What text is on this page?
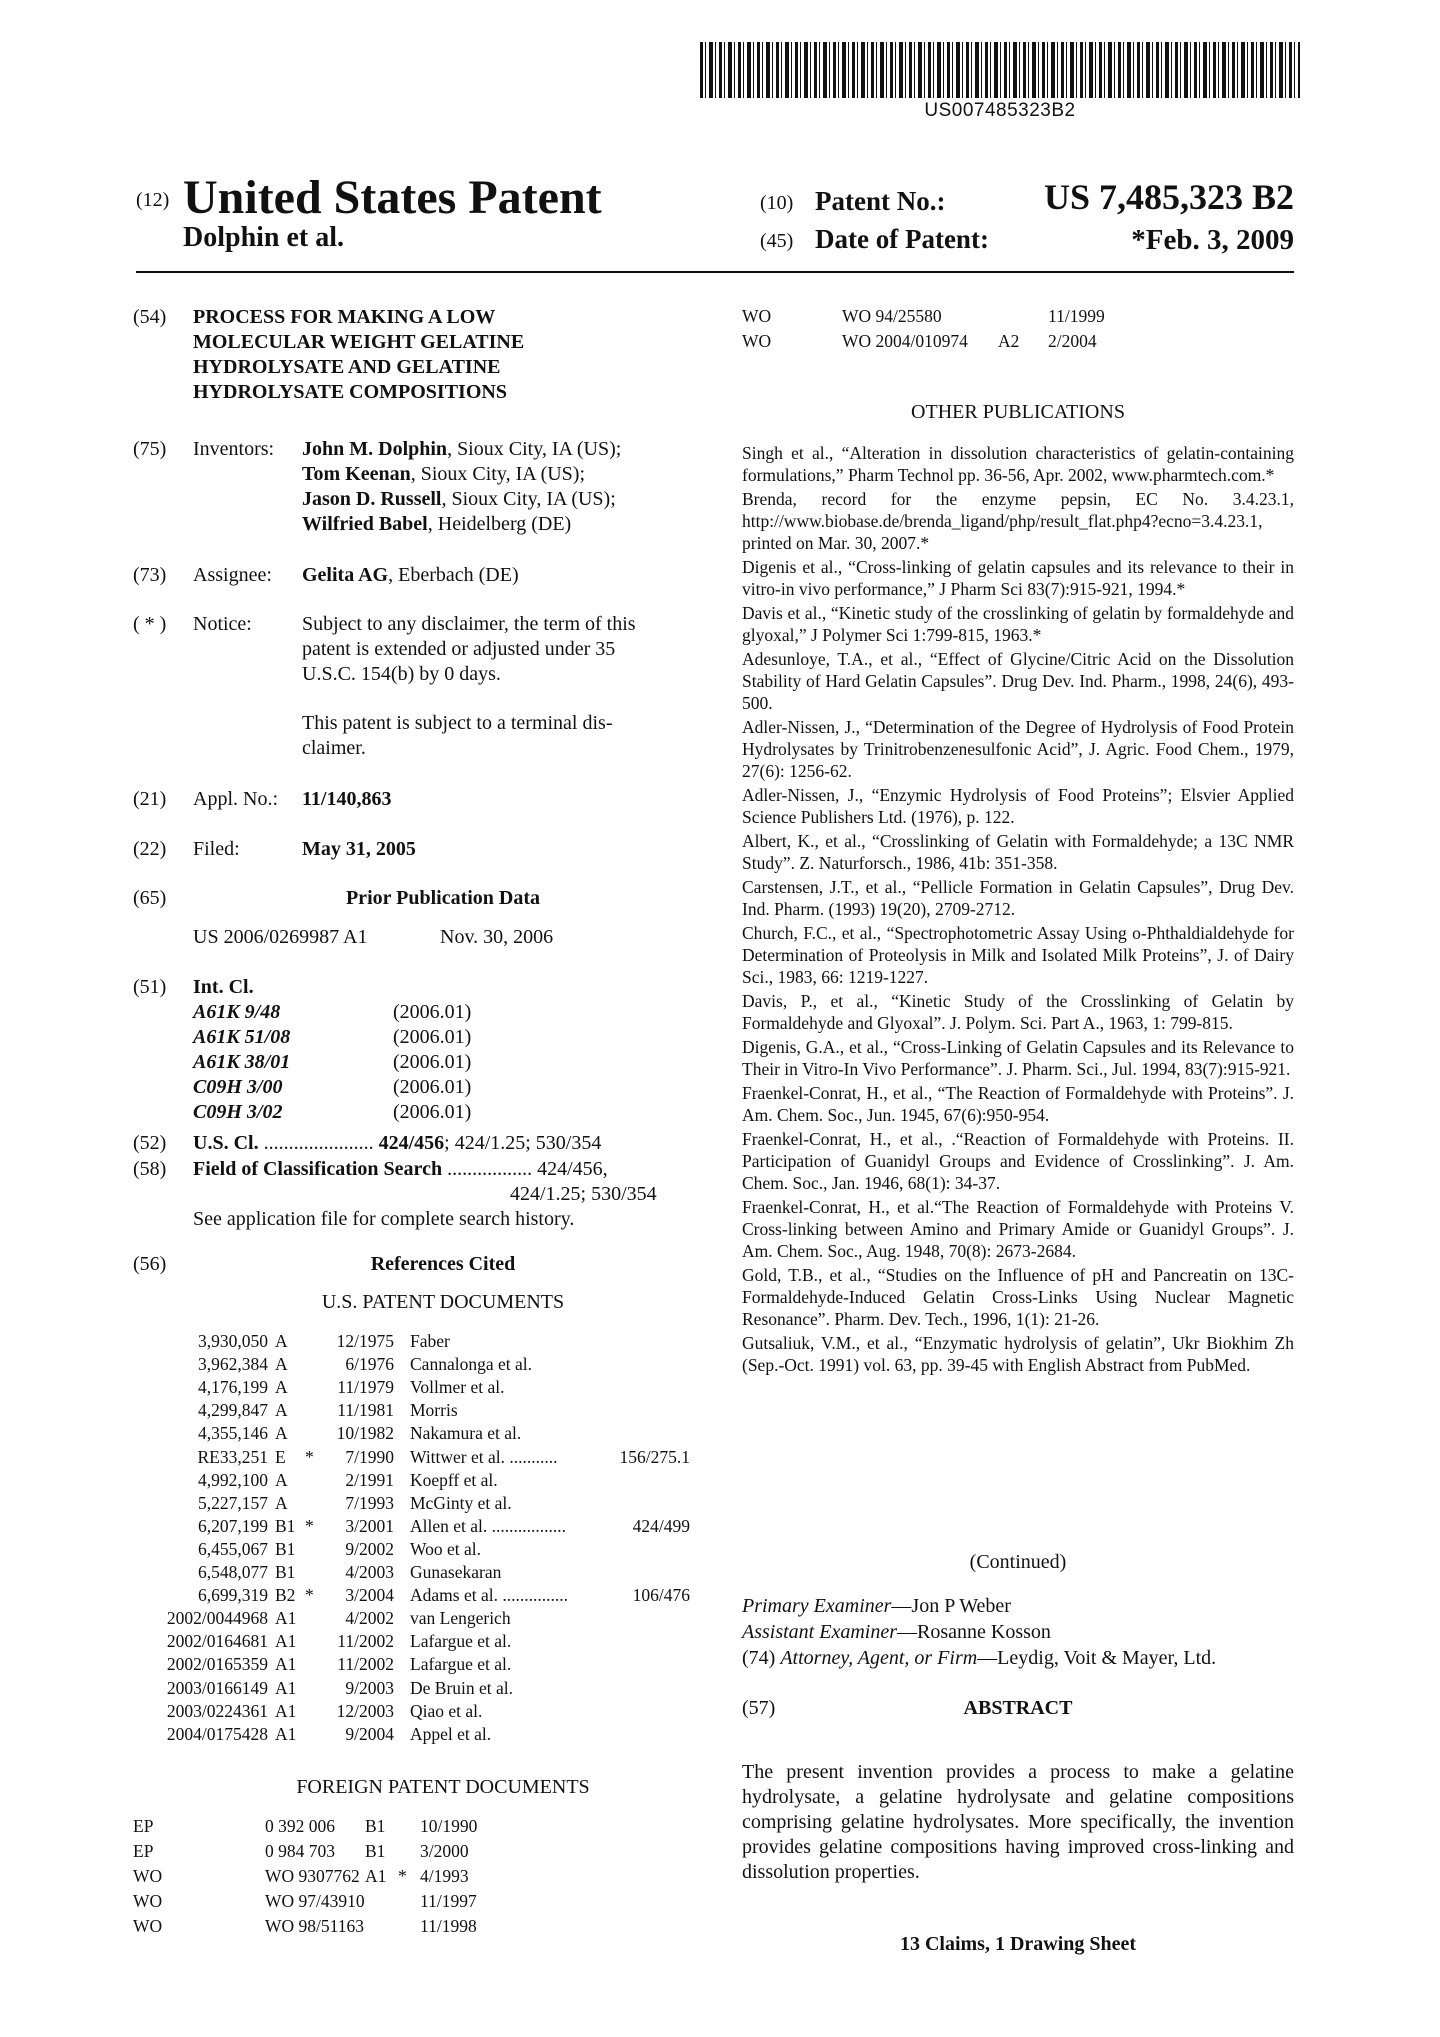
US007485323B2
(12) United States Patent
Dolphin et al.
(10) Patent No.:	US 7,485,323 B2
(45) Date of Patent:	*Feb. 3, 2009
(54) PROCESS FOR MAKING A LOW
MOLECULAR WEIGHT GELATINE
HYDROLYSATE AND GELATINE
HYDROLYSATE COMPOSITIONS
(75) Inventors: John M. Dolphin, Sioux City, IA (US);
Tom Keenan, Sioux City, IA (US);
Jason D. Russell, Sioux City, IA (US);
Wilfried Babel, Heidelberg (DE)
(73) Assignee: Gelita AG, Eberbach (DE)
( * ) Notice:	Subject to any disclaimer, the term of this
patent is extended or adjusted under 35
U.S.C. 154(b) by 0 days.
This patent is subject to a terminal dis-
claimer.
(21) Appl. No.: 11/140,863
(22) Filed:	May 31, 2005
(65)	Prior Publication Data
US 2006/0269987 A1	Nov. 30, 2006
(51) Int. Cl.
A61K 9/48	(2006.01)
A61K 51/08	(2006.01)
A61K 38/01	(2006.01)
C09H 3/00	(2006.01)
C09H 3/02	(2006.01)
(52) U.S. Cl. ...................... 424/456; 424/1.25; 530/354
(58) Field of Classification Search ................. 424/456,
424/1.25; 530/354
See application file for complete search history.
(56)	References Cited
U.S. PATENT DOCUMENTS
3,930,050 A	12/1975 Faber
3,962,384 A	6/1976 Cannalonga et al.
4,176,199 A	11/1979 Vollmer et al.
4,299,847 A	11/1981 Morris
4,355,146 A	10/1982 Nakamura et al.
RE33,251 E * 7/1990 Wittwer et al. ...........	156/275.1
4,992,100 A	2/1991 Koepff et al.
5,227,157 A	7/1993 McGinty et al.
6,207,199 B1 * 3/2001 Allen et al. .................	424/499
6,455,067 B1	9/2002 Woo et al.
6,548,077 B1	4/2003 Gunasekaran
6,699,319 B2 * 3/2004 Adams et al. ...............	106/476
2002/0044968 A1	4/2002 van Lengerich
2002/0164681 A1 11/2002 Lafargue et al.
2002/0165359 A1 11/2002 Lafargue et al.
2003/0166149 A1	9/2003 De Bruin et al.
2003/0224361 A1 12/2003 Qiao et al.
2004/0175428 A1	9/2004 Appel et al.
FOREIGN PATENT DOCUMENTS
EP	0 392 006 B1 10/1990
EP	0 984 703 B1 3/2000
WO	WO 9307762 A1 * 4/1993
WO	WO 97/43910	11/1997
WO	WO 98/51163	11/1998
WO	WO 94/25580	11/1999
WO	WO 2004/010974 A2 2/2004
OTHER PUBLICATIONS
Singh et al., “Alteration in dissolution characteristics of gelatin-containing formulations,” Pharm Technol pp. 36-56, Apr. 2002, www.pharmtech.com.*
Brenda, record for the enzyme pepsin, EC No. 3.4.23.1, http://www.biobase.de/brenda_ligand/php/result_flat.php4?ecno=3.4.23.1, printed on Mar. 30, 2007.*
Digenis et al., “Cross-linking of gelatin capsules and its relevance to their in vitro-in vivo performance,” J Pharm Sci 83(7):915-921, 1994.*
Davis et al., “Kinetic study of the crosslinking of gelatin by formaldehyde and glyoxal,” J Polymer Sci 1:799-815, 1963.*
Adesunloye, T.A., et al., “Effect of Glycine/Citric Acid on the Dissolution Stability of Hard Gelatin Capsules”. Drug Dev. Ind. Pharm., 1998, 24(6), 493-500.
Adler-Nissen, J., “Determination of the Degree of Hydrolysis of Food Protein Hydrolysates by Trinitrobenzenesulfonic Acid”, J. Agric. Food Chem., 1979, 27(6): 1256-62.
Adler-Nissen, J., “Enzymic Hydrolysis of Food Proteins”; Elsvier Applied Science Publishers Ltd. (1976), p. 122.
Albert, K., et al., “Crosslinking of Gelatin with Formaldehyde; a 13C NMR Study”. Z. Naturforsch., 1986, 41b: 351-358.
Carstensen, J.T., et al., “Pellicle Formation in Gelatin Capsules”, Drug Dev. Ind. Pharm. (1993) 19(20), 2709-2712.
Church, F.C., et al., “Spectrophotometric Assay Using o-Phthaldialdehyde for Determination of Proteolysis in Milk and Isolated Milk Proteins”, J. of Dairy Sci., 1983, 66: 1219-1227.
Davis, P., et al., “Kinetic Study of the Crosslinking of Gelatin by Formaldehyde and Glyoxal”. J. Polym. Sci. Part A., 1963, 1: 799-815.
Digenis, G.A., et al., “Cross-Linking of Gelatin Capsules and its Relevance to Their in Vitro-In Vivo Performance”. J. Pharm. Sci., Jul. 1994, 83(7):915-921.
Fraenkel-Conrat, H., et al., “The Reaction of Formaldehyde with Proteins”. J. Am. Chem. Soc., Jun. 1945, 67(6):950-954.
Fraenkel-Conrat, H., et al., .“Reaction of Formaldehyde with Proteins. II. Participation of Guanidyl Groups and Evidence of Crosslinking”. J. Am. Chem. Soc., Jan. 1946, 68(1): 34-37.
Fraenkel-Conrat, H., et al.“The Reaction of Formaldehyde with Proteins V. Cross-linking between Amino and Primary Amide or Guanidyl Groups”. J. Am. Chem. Soc., Aug. 1948, 70(8): 2673-2684.
Gold, T.B., et al., “Studies on the Influence of pH and Pancreatin on 13C-Formaldehyde-Induced Gelatin Cross-Links Using Nuclear Magnetic Resonance”. Pharm. Dev. Tech., 1996, 1(1): 21-26.
Gutsaliuk, V.M., et al., “Enzymatic hydrolysis of gelatin”, Ukr Biokhim Zh (Sep.-Oct. 1991) vol. 63, pp. 39-45 with English Abstract from PubMed.
(Continued)
Primary Examiner—Jon P Weber
Assistant Examiner—Rosanne Kosson
(74) Attorney, Agent, or Firm—Leydig, Voit & Mayer, Ltd.
(57)	ABSTRACT
The present invention provides a process to make a gelatine hydrolysate, a gelatine hydrolysate and gelatine compositions comprising gelatine hydrolysates. More specifically, the invention provides gelatine compositions having improved cross-linking and dissolution properties.
13 Claims, 1 Drawing Sheet
